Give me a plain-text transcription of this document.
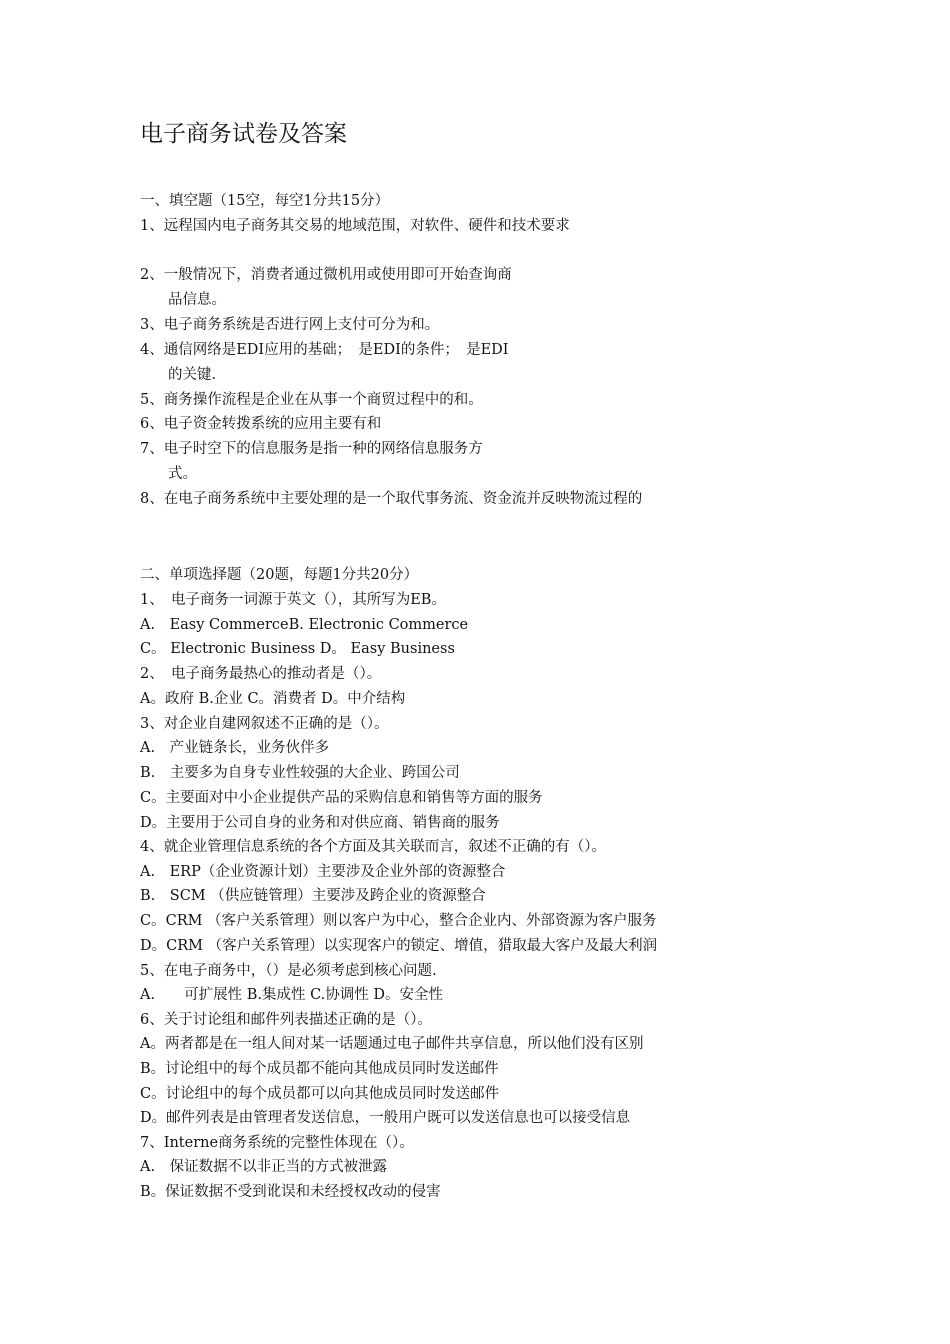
电子商务试卷及答案
一、填空题（15空，每空1分共15分）
1、远程国内电子商务其交易的地域范围，对软件、硬件和技术要求
2、一般情况下，消费者通过微机用或使用即可开始查询商
品信息。
3、电子商务系统是否进行网上支付可分为和。
4、通信网络是EDI应用的基础；　是EDI的条件；　是EDI
的关键.
5、商务操作流程是企业在从事一个商贸过程中的和。
6、电子资金转拨系统的应用主要有和
7、电子时空下的信息服务是指一种的网络信息服务方
式。
8、在电子商务系统中主要处理的是一个取代事务流、资金流并反映物流过程的
二、单项选择题（20题，每题1分共20分）
1、　电子商务一词源于英文（），其所写为EB。
A.　Easy CommerceB. Electronic Commerce
C。 Electronic Business D。 Easy Business
2、　电子商务最热心的推动者是（）。
A。政府 B.企业 C。消费者 D。中介结构
3、对企业自建网叙述不正确的是（）。
A.　产业链条长，业务伙伴多
B.　主要多为自身专业性较强的大企业、跨国公司
C。主要面对中小企业提供产品的采购信息和销售等方面的服务
D。主要用于公司自身的业务和对供应商、销售商的服务
4、就企业管理信息系统的各个方面及其关联而言，叙述不正确的有（）。
A.　ERP（企业资源计划）主要涉及企业外部的资源整合
B.　SCM （供应链管理）主要涉及跨企业的资源整合
C。CRM （客户关系管理）则以客户为中心，整合企业内、外部资源为客户服务
D。CRM （客户关系管理）以实现客户的锁定、增值，猎取最大客户及最大利润
5、在电子商务中，（）是必须考虑到核心问题.
A.　　可扩展性 B.集成性 C.协调性 D。安全性
6、关于讨论组和邮件列表描述正确的是（）。
A。两者都是在一组人间对某一话题通过电子邮件共享信息，所以他们没有区别
B。讨论组中的每个成员都不能向其他成员同时发送邮件
C。讨论组中的每个成员都可以向其他成员同时发送邮件
D。邮件列表是由管理者发送信息，一般用户既可以发送信息也可以接受信息
7、Interne商务系统的完整性体现在（）。
A.　保证数据不以非正当的方式被泄露
B。保证数据不受到讹误和未经授权改动的侵害
